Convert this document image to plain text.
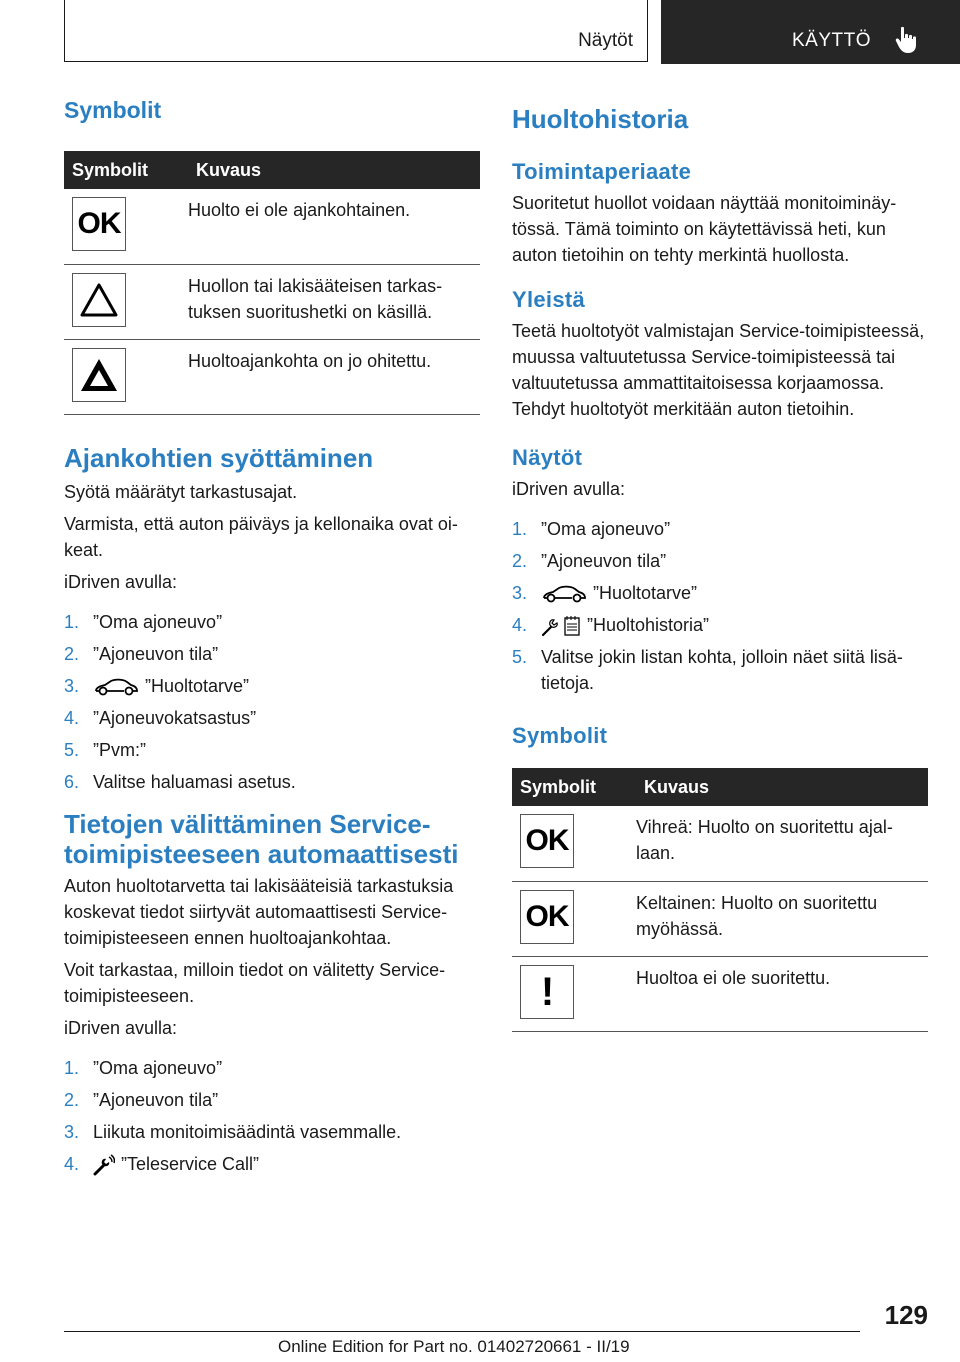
Näytöt	KÄYTTÖ
Symbolit
Symbolit	Kuvaus

OK	Huolto ei ole ajankohtainen.

	Huollon tai lakisääteisen tarkastuksen suoritushetki on käsillä.

	Huoltoajankohta on jo ohitettu.
Ajankohtien syöttäminen

Syötä määrätyt tarkastusajat.

Varmista, että auton päiväys ja kellonaika ovat oikeat.

iDriven avulla:

1. ”Oma ajoneuvo”
2. ”Ajoneuvon tila”
3.	”Huoltotarve”
4. ”Ajoneuvokatsastus”
5. ”Pvm:”
6. Valitse haluamasi asetus.
Tietojen välittäminen Service-toimipisteeseen automaattisesti

Auton huoltotarvetta tai lakisääteisiä tarkastuksia koskevat tiedot siirtyvät automaattisesti Service-toimipisteeseen ennen huoltoajankohtaa.

Voit tarkastaa, milloin tiedot on välitetty Service-toimipisteeseen.

iDriven avulla:

1. ”Oma ajoneuvo”
2. ”Ajoneuvon tila”
3. Liikuta monitoimisäädintä vasemmalle.
4. ”Teleservice Call”
Huoltohistoria
Toimintaperiaate

Suoritetut huollot voidaan näyttää monitoiminäytössä. Tämä toiminto on käytettävissä heti, kun auton tietoihin on tehty merkintä huollosta.

Yleistä

Teetä huoltotyöt valmistajan Service-toimipisteessä, muussa valtuutetussa Service-toimipisteessä tai valtuutetussa ammattitaitoisessa korjaamossa. Tehdyt huoltotyöt merkitään auton tietoihin.

Näytöt

iDriven avulla:

1. ”Oma ajoneuvo”
2. ”Ajoneuvon tila”
3.	”Huoltotarve”
4.	”Huoltohistoria”
5. Valitse jokin listan kohta, jolloin näet siitä lisätietoja.
Symbolit
Symbolit	Kuvaus

OK	Vihreä: Huolto on suoritettu ajallaan.

OK	Keltainen: Huolto on suoritettu myöhässä.

!	Huoltoa ei ole suoritettu.
129
Online Edition for Part no. 01402720661 - II/19
